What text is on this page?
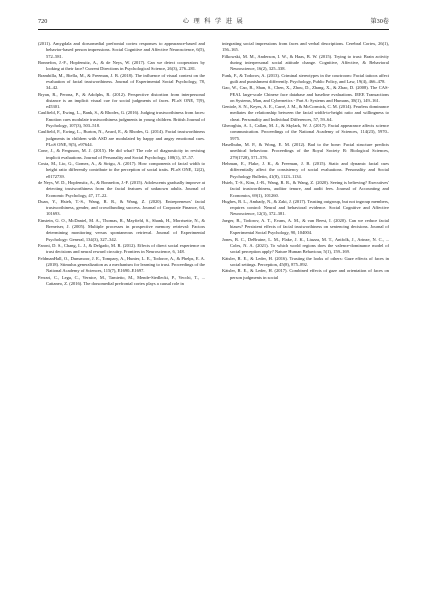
720	心 理 科 学 进 展	第30卷

(2011). Amygdala and dorsomedial prefrontal cortex responses to appearance-based and behavior-based person impressions. Social Cognitive and Affective Neuroscience, 6(5), 572–581.

Bonnefon, J.-F., Hopfensitz, A., & de Neys, W. (2017). Can we detect cooperators by looking at their face? Current Directions in Psychological Science, 26(3), 276–281.

Brambilla, M., Biella, M., & Freeman, J. B. (2018). The influence of visual context on the evaluation of facial trustworthiness. Journal of Experimental Social Psychology, 78, 34–42.

Bryan, R., Perona, P., & Adolphs, R. (2012). Perspective distortion from interpersonal distance is an implicit visual cue for social judgments of faces. PLoS ONE, 7(9), e45301.

Caulfield, F., Ewing, L., Bank, S., & Rhodes, G. (2016). Judging trustworthiness from faces: Emotion cues modulate trustworthiness judgments in young children. British Journal of Psychology, 107(3), 503–518.

Caulfield, F., Ewing, L., Burton, N., Avard, E., & Rhodes, G. (2014). Facial trustworthiness judgments in children with ASD are modulated by happy and angry emotional cues. PLoS ONE, 9(5), e97644.

Cone, J., & Ferguson, M. J. (2015). He did what? The role of diagnosticity in revising implicit evaluations. Journal of Personality and Social Psychology, 108(1), 37–57.

Costa, M., Lio, G., Gomez, A., & Sirigu, A. (2017). How components of facial width to height ratio differently contribute to the perception of social traits. PLoS ONE, 12(2), e0172739.

de Neys, W. D., Hopfensitz, A., & Bonnefon, J.-F. (2015). Adolescents gradually improve at detecting trustworthiness from the facial features of unknown adults. Journal of Economic Psychology, 47, 17–22.

Duan, Y., Hsieh, T.-S., Wang, R. R., & Wang, Z. (2020). Entrepreneurs' facial trustworthiness, gender, and crowdfunding success. Journal of Corporate Finance, 64, 101693.

Einstein, G. O., McDaniel, M. A., Thomas, R., Mayfield, S., Shank, H., Morrisette, N., & Breneiser, J. (2005). Multiple processes in prospective memory retrieval: Factors determining monitoring versus spontaneous retrieval. Journal of Experimental Psychology: General, 134(3), 327–342.

Faroni, D. S., Chang, L. J., & Delgado, M. R. (2012). Effects of direct social experience on trust decisions and neural reward circuitry. Frontiers in Neuroscience, 6, 148.

FeldmanHall, O., Dunsmoor, J. E., Tompary, A., Hunter, L. E., Todorov, A., & Phelps, E. A. (2018). Stimulus generalization as a mechanism for learning to trust. Proceedings of the National Academy of Sciences, 115(7), E1690–E1697.

Ferrari, C., Lega, C., Vernice, M., Tamietto, M., Mende-Siedlecki, P., Vecchi, T., ... Cattaneo, Z. (2016). The dorsomedial prefrontal cortex plays a causal role in

integrating social impressions from faces and verbal descriptions. Cerebral Cortex, 26(1), 156–165.

Filkowski, M. M., Anderson, I. W., & Haas, B. W. (2015). Trying to trust: Brain activity during interpersonal social attitude change. Cognitive, Affective, & Behavioral Neuroscience, 16(2), 325–338.

Funk, F., & Todorov, A. (2013). Criminal stereotypes in the courtroom: Facial tattoos affect guilt and punishment differently. Psychology, Public Policy, and Law, 19(4), 466–478.

Gao, W., Cao, B., Shan, S., Chen, X., Zhou, D., Zhang, X., & Zhao, D. (2008). The CAS-PEAL large-scale Chinese face database and baseline evaluations. IEEE Transactions on Systems, Man, and Cybernetics - Part A: Systems and Humans, 38(1), 149–161.

Geniole, S. N., Keyes, A. E., Carré, J. M., & McCormick, C. M. (2014). Fearless dominance mediates the relationship between the facial width-to-height ratio and willingness to cheat. Personality and Individual Differences, 57, 59–64.

Gheorghiu, A. I., Callan, M. J., & Skylark, W. J. (2017). Facial appearance affects science communication. Proceedings of the National Academy of Sciences, 114(23), 5970–5975.

Haselhuhn, M. P., & Wong, E. M. (2012). Bad to the bone: Facial structure predicts unethical behaviour. Proceedings of the Royal Society B: Biological Sciences, 279(1728), 571–576.

Hehman, E., Flake, J. K., & Freeman, J. B. (2015). Static and dynamic facial cues differentially affect the consistency of social evaluations. Personality and Social Psychology Bulletin, 41(8), 1123–1134.

Hsieh, T.-S., Kim, J.-B., Wang, R. R., & Wang, Z. (2020). Seeing is believing? Executives' facial trustworthiness, auditor tenure, and audit fees. Journal of Accounting and Economics, 69(1), 101260.

Hughes, B. L., Ambady, N., & Zaki, J. (2017). Trusting outgroup, but not ingroup members, requires control: Neural and behavioral evidence. Social Cognitive and Affective Neuroscience, 12(3), 372–381.

Jaeger, B., Todorov, A. T., Evans, A. M., & van Beest, I. (2020). Can we reduce facial biases? Persistent effects of facial trustworthiness on sentencing decisions. Journal of Experimental Social Psychology, 90, 104004.

Jones, B. C., DeBruine, L. M., Flake, J. K., Liuzza, M. T., Antfolk, J., Arinze, N. C., ... Coles, N. A. (2021). To which world regions does the valence-dominance model of social perception apply? Nature Human Behaviour, 5(1), 159–169.

Kätsler, R. E., & Leder, H. (2016). Trusting the looks of others: Gaze effects of faces in social settings. Perception, 45(8), 875–892.

Kätsler, R. E., & Leder, H. (2017). Combined effects of gaze and orientation of faces on person judgments in social
